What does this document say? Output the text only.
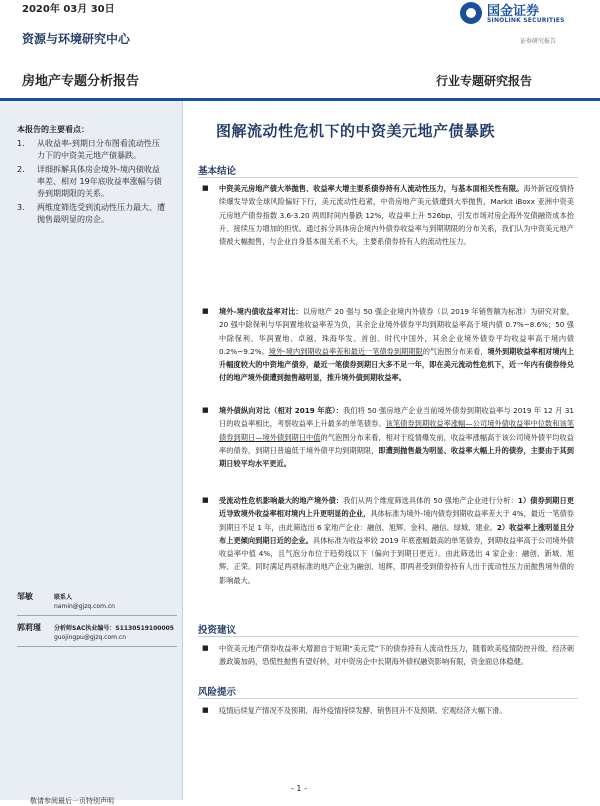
2020年 03月 30日
资源与环境研究中心
国金证券
SINOLINK SECURITIES
证券研究报告
房地产专题分析报告	行业专题研究报告
本报告的主要看点：
1. 从收益率-到期日分布图看流动性压力下的中资美元地产债暴跌。
2. 详细拆解具体房企境外-境内债收益率差、相对 19年底收益率涨幅与债券到期期限的关系。
3. 两维度筛选受到流动性压力最大、遭抛售最明显的房企。
邹敏	联系人
namin@gjzq.com.cn
郭莉瑾 分析师SAC执业编号：S1130519100005
guojingpu@gjzq.com.cn
图解流动性危机下的中资美元地产债暴跌
基本结论
■ 中资美元房地产债大举抛售、收益率大增主要系债券持有人流动性压力，与基本面相关性有限。海外新冠疫情持续爆发导致全球风险偏好下行，美元流动性趋紧，中资房地产美元债遭到大举抛售，Markit iBoxx 亚洲中资美元房地产债券指数 3.6-3.20 两周时间内暴跌 12%，收益率上升 526bp，引发市场对房企海外发债融资成本抬升、接续压力增加的担忧。通过拆分具体房企境内外债券收益率与到期期限的分布关系，我们认为中资美元地产债被大幅抛售，与企业自身基本面关系不大，主要系债券持有人的流动性压力。
■ 境外-境内债收益率对比：以房地产 20 强与 50 强企业境内外债券（以 2019 年销售额为标准）为研究对象，20 强中除保利与华润置地收益率差为负，其余企业境外债券平均到期收益率高于境内债 0.7%~8.6%；50 强中除保利、华润置地、卓越、珠海华发、首创、时代中国外，其余企业境外债券平均收益率高于境内债 0.2%~9.2%。境外-境内到期收益率差和最近一笔债券到期期限的气泡图分布来看，境外到期收益率相对境内上升幅度较大的中资地产债券，最近一笔债券到期日大多不足一年，即在美元流动性危机下，近一年内有债券待兑付的地产境外债遭到抛售越明显，推升境外债到期收益率。
■ 境外债纵向对比（相对 2019 年底）：我们将 50 强房地产企业当前境外债券到期收益率与 2019 年 12 月 31 日的收益率相比，考察收益率上升最多的单笔债券。该笔债券到期收益率涨幅—公司境外债收益率中位数和该笔债券到期日—境外债到期日中值的气泡图分布来看，相对于疫情爆发前，收益率涨幅高于该公司境外债平均收益率的债券，到期日普遍低于境外债平均到期期限，即遭到抛售最为明显、收益率大幅上升的债券，主要由于其到期日较平均水平更近。
■ 受流动性危机影响最大的地产境外债：我们从两个维度筛选具体的 50 强地产企业进行分析：1）债券到期日更近导致境外收益率相对境内上升更明显的企业，具体标准为境外-境内债券到期收益率差大于 4%，最近一笔债券到期日不足 1 年，由此筛选出 6 家地产企业：融创、旭辉、金科、融信、绿城、建业。2）收益率上涨明显且分布上更倾向到期日近的企业。具体标准为收益率较 2019 年底涨幅最高的单笔债券，到期收益率高于公司境外债收益率中值 4%，且气泡分布位于趋势线以下（偏向于到期日更近）。由此筛选出 4 家企业：融创、新城、旭辉、正荣。同时满足两项标准的地产企业为融创、旭辉，即两者受到债券持有人出于流动性压力而抛售境外债的影响最大。
投资建议
■ 中资美元地产债券收益率大增源自于短期“美元荒”下的债券持有人流动性压力，随着欧美疫情防控升级、经济刺激政策加码，恐慌性抛售有望好转，对中资房企中长期海外债权融资影响有限，资金面总体稳健。
风险提示
■ 疫情后续复产情况不及预期、海外疫情持续发酵、销售回升不及预期、宏观经济大幅下滑。
- 1 -
敬请参阅最后一页特别声明
